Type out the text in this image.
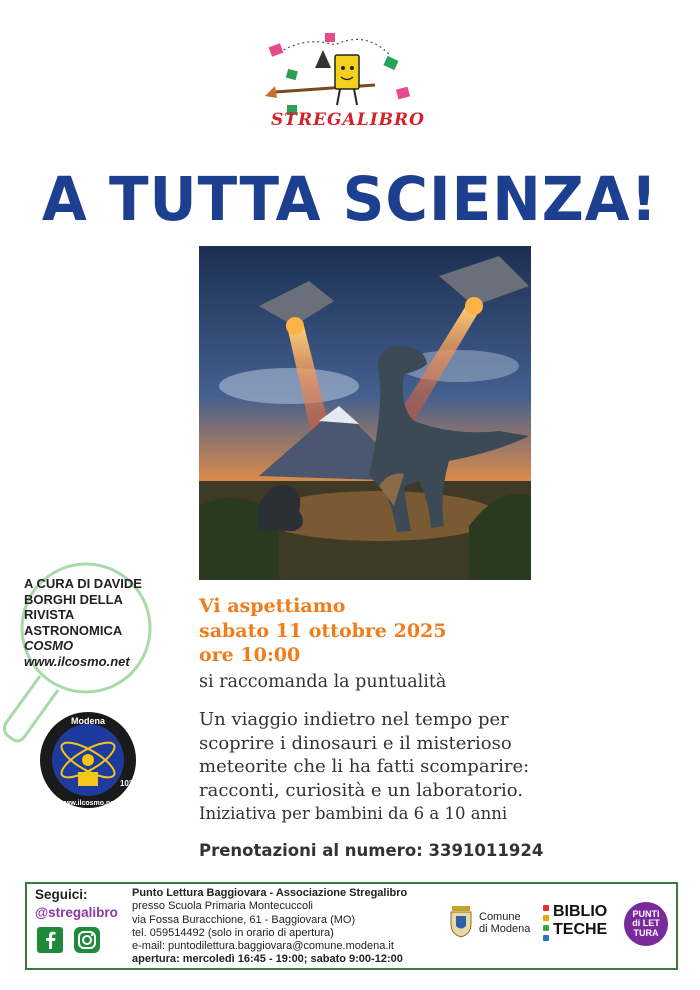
STREGALIBRO
A TUTTA SCIENZA!
A CURA DI DAVIDE
BORGHI DELLA
RIVISTA
ASTRONOMICA
COSMO
www.ilcosmo.net
Modena
www.ilcosmo.net
10°
Vi aspettiamo
sabato 11 ottobre 2025
ore 10:00
si raccomanda la puntualità
Un viaggio indietro nel tempo per
scoprire i dinosauri e il misterioso
meteorite che li ha fatti scomparire:
racconti, curiosità e un laboratorio.
Iniziativa per bambini da 6 a 10 anni
Prenotazioni al numero: 3391011924
Seguici:
@stregalibro
Punto Lettura Baggiovara - Associazione Stregalibro
presso Scuola Primaria Montecuccoli
via Fossa Buracchione, 61 - Baggiovara (MO)
tel. 059514492 (solo in orario di apertura)
e-mail: puntodilettura.baggiovara@comune.modena.it
apertura: mercoledì 16:45 - 19:00; sabato 9:00-12:00
Comune
di Modena
BIBLIO
TECHE
PUNTI
di LET
TURA
